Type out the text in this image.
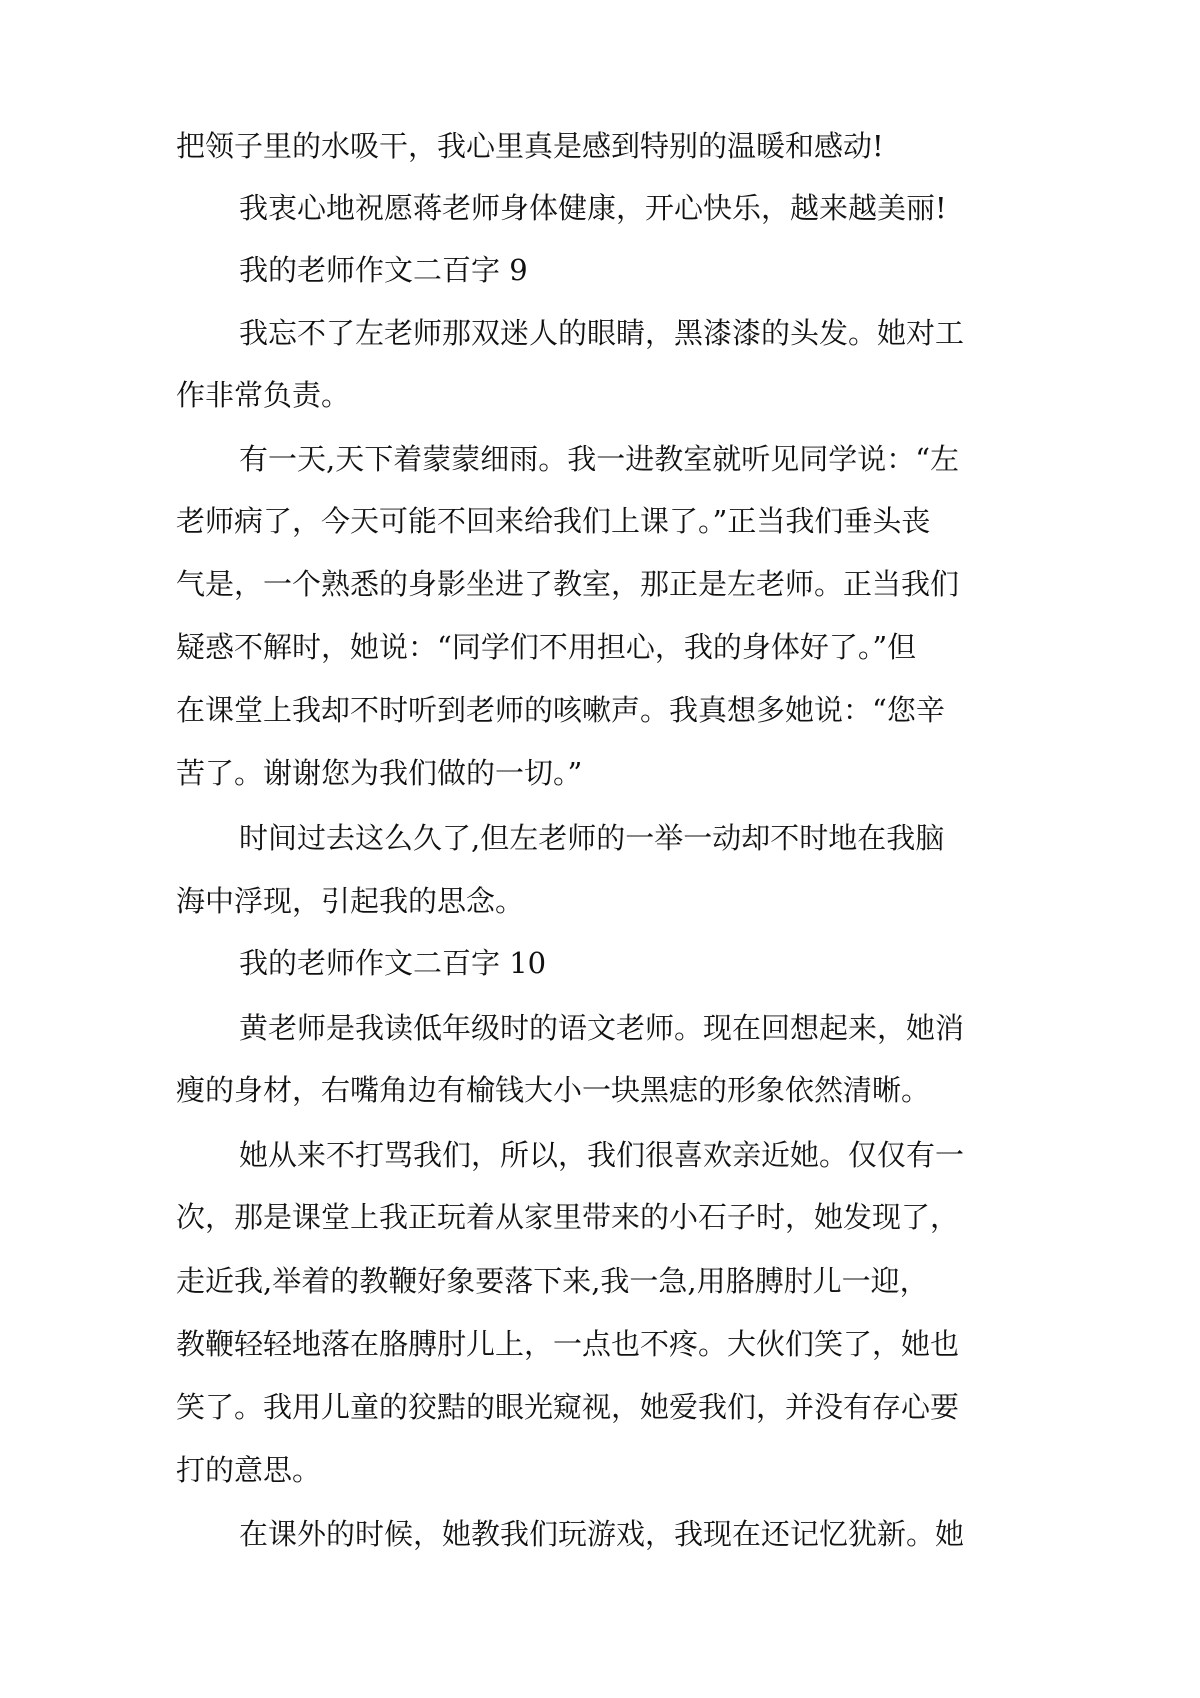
把领子里的水吸干，我心里真是感到特别的温暖和感动!
我衷心地祝愿蒋老师身体健康，开心快乐，越来越美丽!
我的老师作文二百字 9
我忘不了左老师那双迷人的眼睛，黑漆漆的头发。她对工
作非常负责。
有一天,天下着蒙蒙细雨。我一进教室就听见同学说：“左
老师病了，今天可能不回来给我们上课了。”正当我们垂头丧
气是，一个熟悉的身影坐进了教室，那正是左老师。正当我们
疑惑不解时，她说：“同学们不用担心，我的身体好了。”但
在课堂上我却不时听到老师的咳嗽声。我真想多她说：“您辛
苦了。谢谢您为我们做的一切。”
时间过去这么久了,但左老师的一举一动却不时地在我脑
海中浮现，引起我的思念。
我的老师作文二百字 10
黄老师是我读低年级时的语文老师。现在回想起来，她消
瘦的身材，右嘴角边有榆钱大小一块黑痣的形象依然清晰。
她从来不打骂我们，所以，我们很喜欢亲近她。仅仅有一
次，那是课堂上我正玩着从家里带来的小石子时，她发现了，
走近我,举着的教鞭好象要落下来,我一急,用胳膊肘儿一迎，
教鞭轻轻地落在胳膊肘儿上，一点也不疼。大伙们笑了，她也
笑了。我用儿童的狡黠的眼光窥视，她爱我们，并没有存心要
打的意思。
在课外的时候，她教我们玩游戏，我现在还记忆犹新。她
